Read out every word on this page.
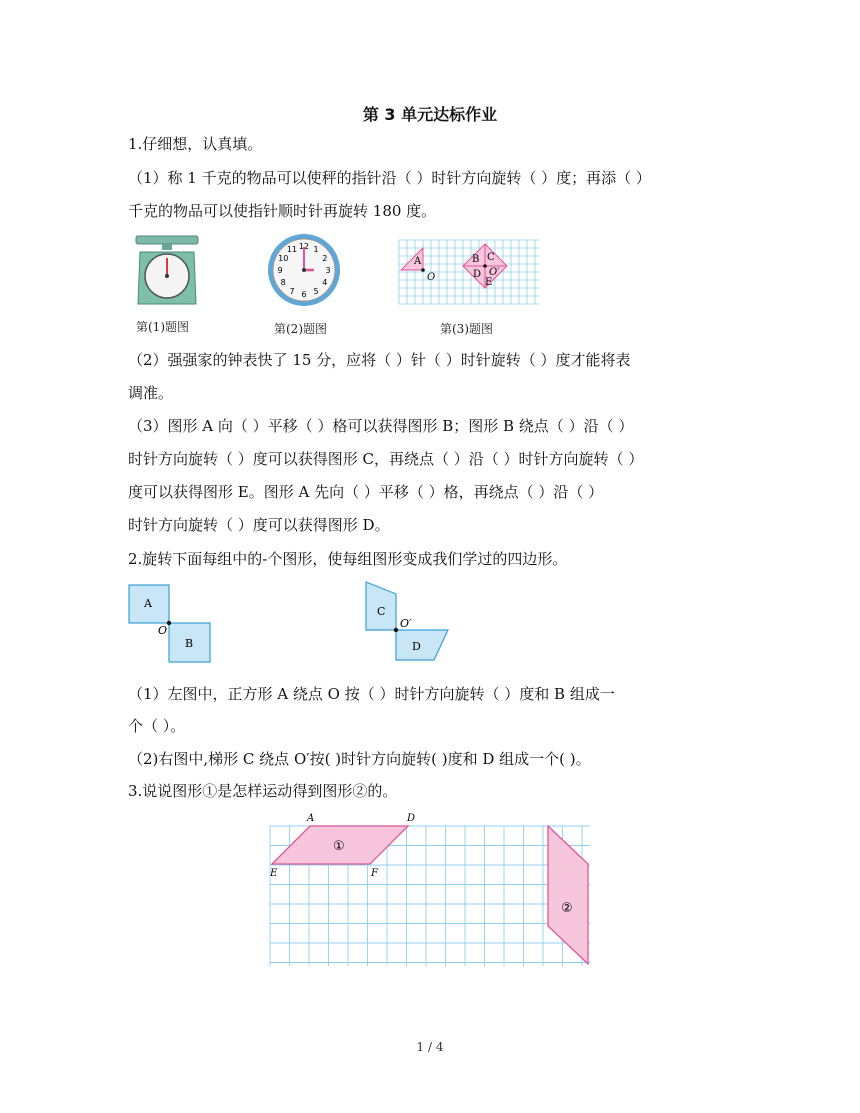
第 3 单元达标作业
1.仔细想，认真填。
（1）称 1 千克的物品可以使秤的指针沿（ ）时针方向旋转（ ）度；再添（ ）
千克的物品可以使指针顺时针再旋转 180 度。
第(1)题图
12 1
2
3
4
5
6
7
8
9
10
11
第(2)题图
A
O
B C
D
E
O′
第(3)题图
（2）强强家的钟表快了 15 分，应将（ ）针（ ）时针旋转（ ）度才能将表
调准。
（3）图形 A 向（ ）平移（ ）格可以获得图形 B；图形 B 绕点（ ）沿（ ）
时针方向旋转（ ）度可以获得图形 C，再绕点（ ）沿（ ）时针方向旋转（ ）
度可以获得图形 E。图形 A 先向（ ）平移（ ）格，再绕点（ ）沿（ ）
时针方向旋转（ ）度可以获得图形 D。
2.旋转下面每组中的-个图形，使每组图形变成我们学过的四边形。
A
O
B
C
O′
D
（1）左图中，正方形 A 绕点 O 按（ ）时针方向旋转（ ）度和 B 组成一
个（ ）。
（2)右图中,梯形 C 绕点 O′按( )时针方向旋转( )度和 D 组成一个( )。
3.说说图形①是怎样运动得到图形②的。
A	D
E	F
①
②
1 / 4
